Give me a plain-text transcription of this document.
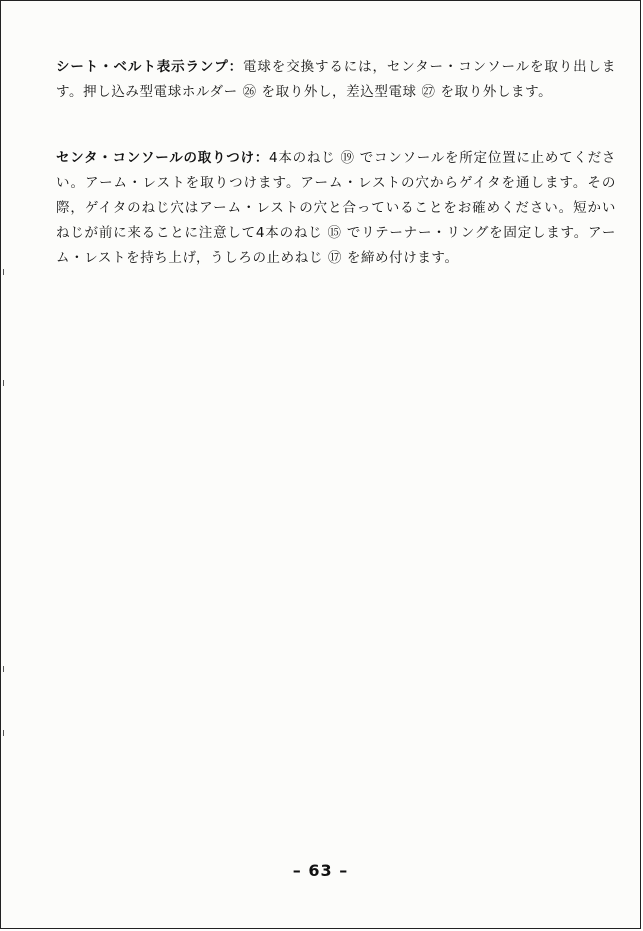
シート・ベルト表示ランプ：電球を交換するには，センター・コンソールを取り出します。押し込み型電球ホルダー ㉖ を取り外し，差込型電球 ㉗ を取り外します。
センタ・コンソールの取りつけ：4本のねじ ⑲ でコンソールを所定位置に止めてください。アーム・レストを取りつけます。アーム・レストの穴からゲイタを通します。その際，ゲイタのねじ穴はアーム・レストの穴と合っていることをお確めください。短かいねじが前に来ることに注意して4本のねじ ⑮ でリテーナー・リングを固定します。アーム・レストを持ち上げ，うしろの止めねじ ⑰ を締め付けます。
– 63 –
